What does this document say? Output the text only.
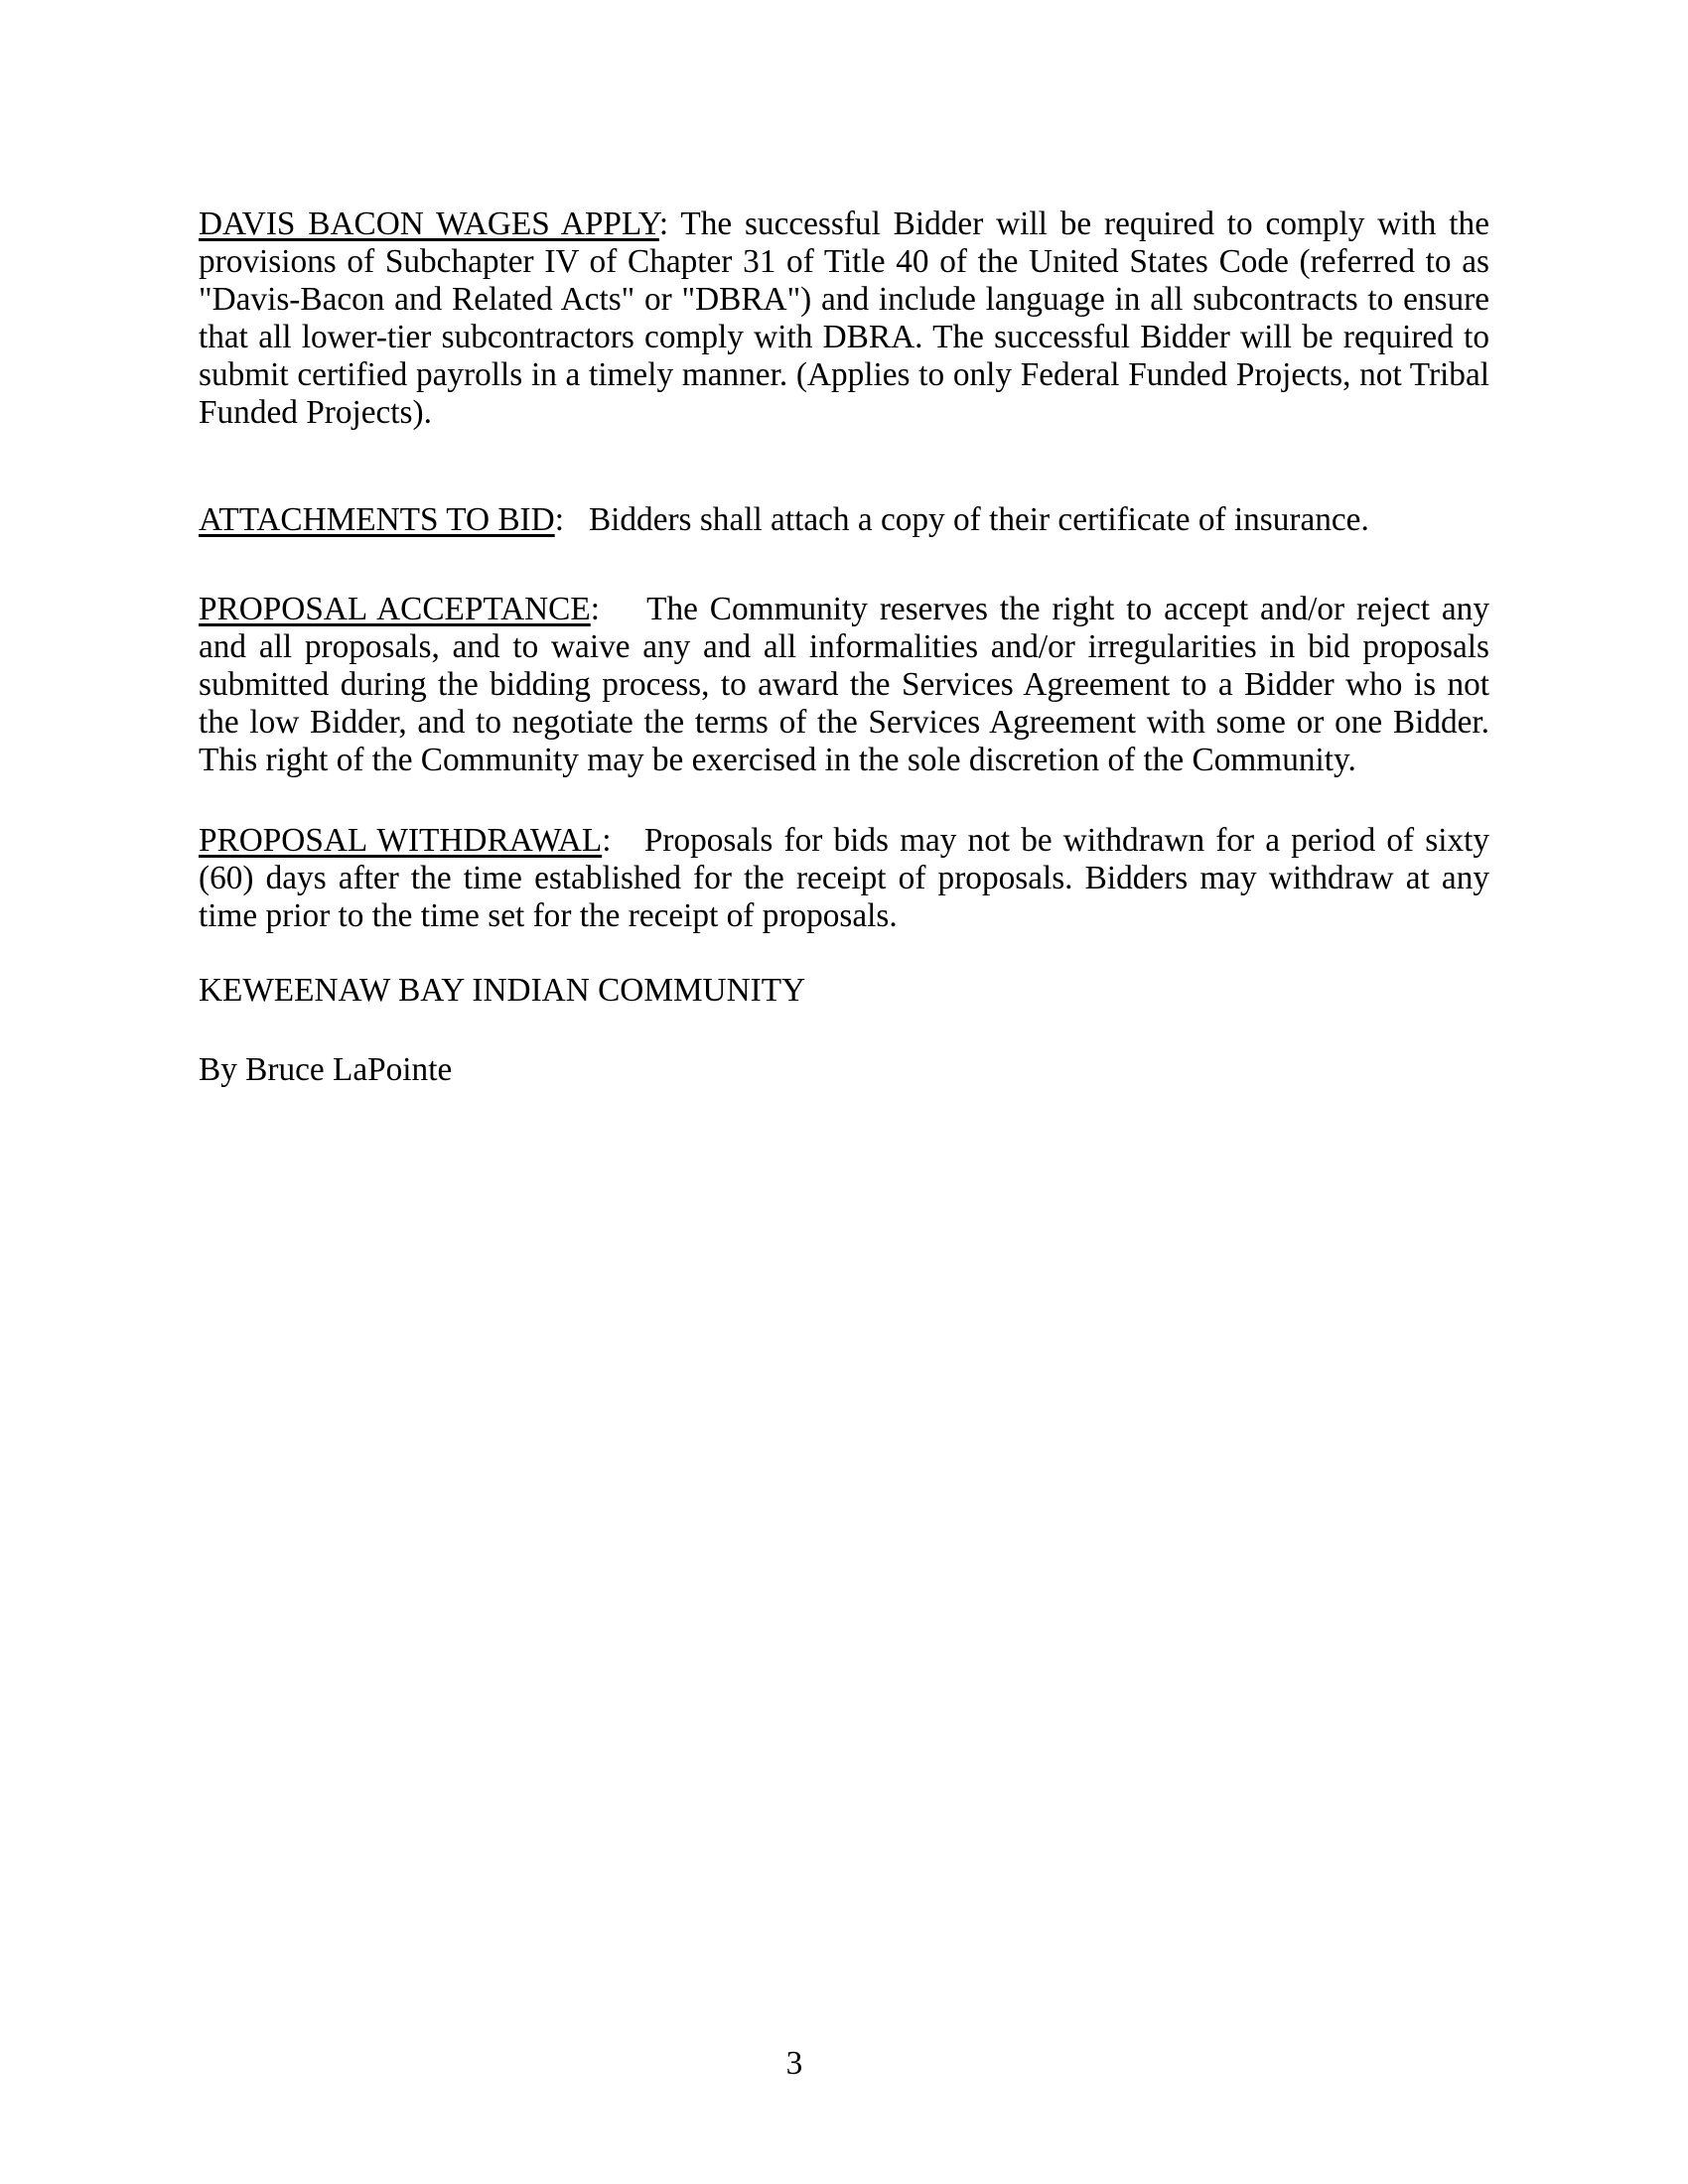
DAVIS BACON WAGES APPLY: The successful Bidder will be required to comply with the provisions of Subchapter IV of Chapter 31 of Title 40 of the United States Code (referred to as "Davis-Bacon and Related Acts" or "DBRA") and include language in all subcontracts to ensure that all lower-tier subcontractors comply with DBRA. The successful Bidder will be required to submit certified payrolls in a timely manner. (Applies to only Federal Funded Projects, not Tribal Funded Projects).

ATTACHMENTS TO BID:   Bidders shall attach a copy of their certificate of insurance.

PROPOSAL ACCEPTANCE:    The Community reserves the right to accept and/or reject any and all proposals, and to waive any and all informalities and/or irregularities in bid proposals submitted during the bidding process, to award the Services Agreement to a Bidder who is not the low Bidder, and to negotiate the terms of the Services Agreement with some or one Bidder. This right of the Community may be exercised in the sole discretion of the Community.

PROPOSAL WITHDRAWAL:   Proposals for bids may not be withdrawn for a period of sixty (60) days after the time established for the receipt of proposals. Bidders may withdraw at any time prior to the time set for the receipt of proposals.

KEWEENAW BAY INDIAN COMMUNITY

By Bruce LaPointe

3
